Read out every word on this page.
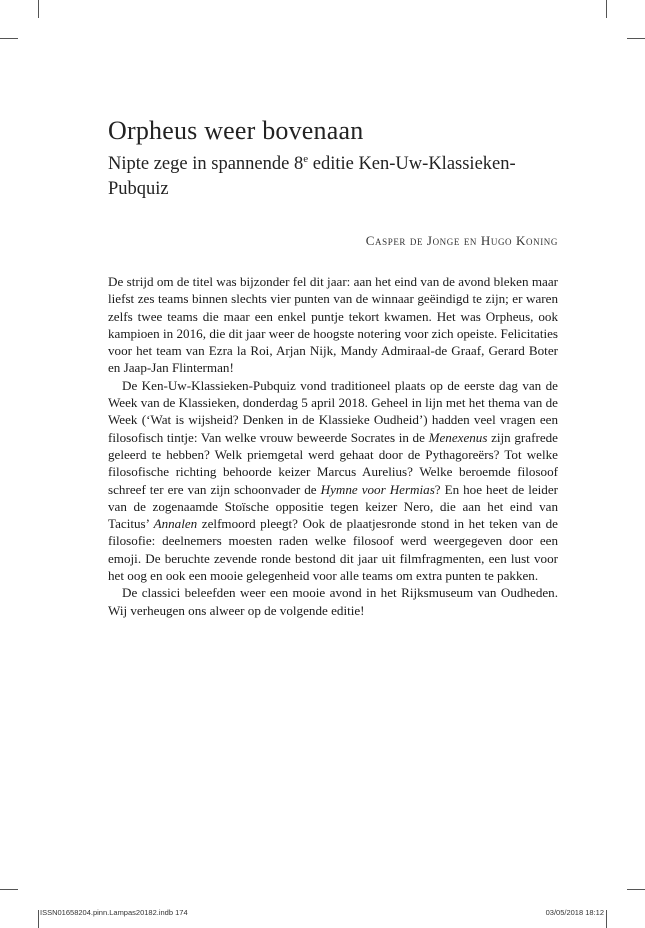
Orpheus weer bovenaan
Nipte zege in spannende 8e editie Ken-Uw-Klassieken-Pubquiz

Casper de Jonge en Hugo Koning

De strijd om de titel was bijzonder fel dit jaar: aan het eind van de avond bleken maar liefst zes teams binnen slechts vier punten van de winnaar geëindigd te zijn; er waren zelfs twee teams die maar een enkel puntje tekort kwamen. Het was Orpheus, ook kampioen in 2016, die dit jaar weer de hoogste notering voor zich opeiste. Felicitaties voor het team van Ezra la Roi, Arjan Nijk, Mandy Admiraal-de Graaf, Gerard Boter en Jaap-Jan Flinterman!

De Ken-Uw-Klassieken-Pubquiz vond traditioneel plaats op de eerste dag van de Week van de Klassieken, donderdag 5 april 2018. Geheel in lijn met het thema van de Week (‘Wat is wijsheid? Denken in de Klassieke Oudheid’) hadden veel vragen een filosofisch tintje: Van welke vrouw beweerde Socrates in de Menexenus zijn grafrede geleerd te hebben? Welk priemgetal werd gehaat door de Pythagoreërs? Tot welke filosofische richting behoorde keizer Marcus Aurelius? Welke beroemde filosoof schreef ter ere van zijn schoonvader de Hymne voor Hermias? En hoe heet de leider van de zogenaamde Stoïsche oppositie tegen keizer Nero, die aan het eind van Tacitus’ Annalen zelfmoord pleegt? Ook de plaatjesronde stond in het teken van de filosofie: deelnemers moesten raden welke filosoof werd weergegeven door een emoji. De beruchte zevende ronde bestond dit jaar uit filmfragmenten, een lust voor het oog en ook een mooie gelegenheid voor alle teams om extra punten te pakken.

De classici beleefden weer een mooie avond in het Rijksmuseum van Oudheden. Wij verheugen ons alweer op de volgende editie!

ISSN01658204.pinn.Lampas20182.indb 174	03/05/2018 18:12
